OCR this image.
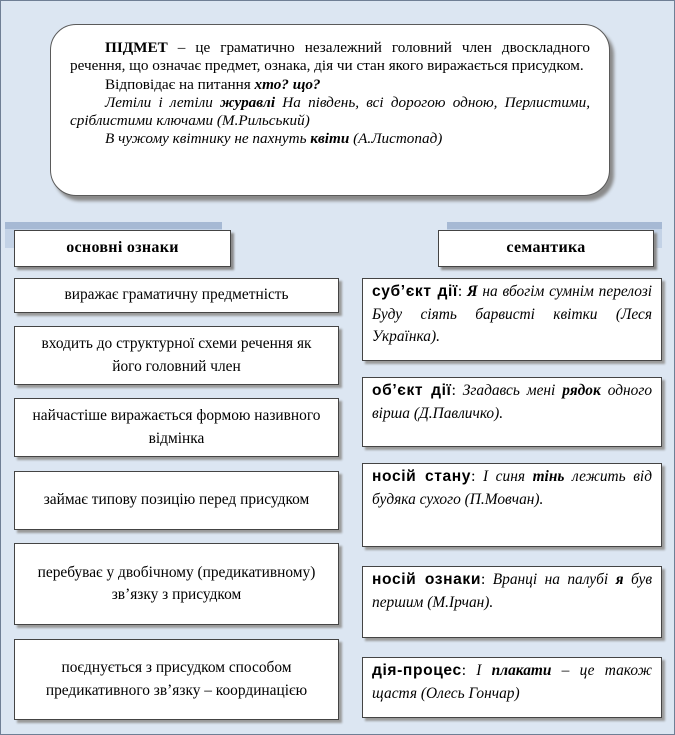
ПІДМЕТ – це граматично незалежний головний член двоскладного речення, що означає предмет, ознака, дія чи стан якого виражається присудком.

Відповідає на питання хто? що?

Летіли і летіли журавлі На південь, всі дорогою одною, Перлистими, сріблистими ключами (М.Рильський)

В чужому квітнику не пахнуть квіти (А.Листопад)

основні ознаки	семантика
виражає граматичну предметність
входить до структурної схеми речення як його головний член
найчастіше виражається формою називного відмінка
займає типову позицію перед присудком
перебуває у двобічному (предикативному) зв’язку з присудком
поєднується з присудком способом предикативного зв’язку – координацією
суб’єкт дії: Я на вбогім сумнім перелозі Буду сіять барвисті квітки (Леся Українка).
об’єкт дії: Згадавсь мені рядок одного вірша (Д.Павличко).
носій стану: І синя тінь лежить від будяка сухого (П.Мовчан).
носій ознаки: Вранці на палубі я був першим (М.Ірчан).
дія-процес: І плакати – це також щастя (Олесь Гончар)
